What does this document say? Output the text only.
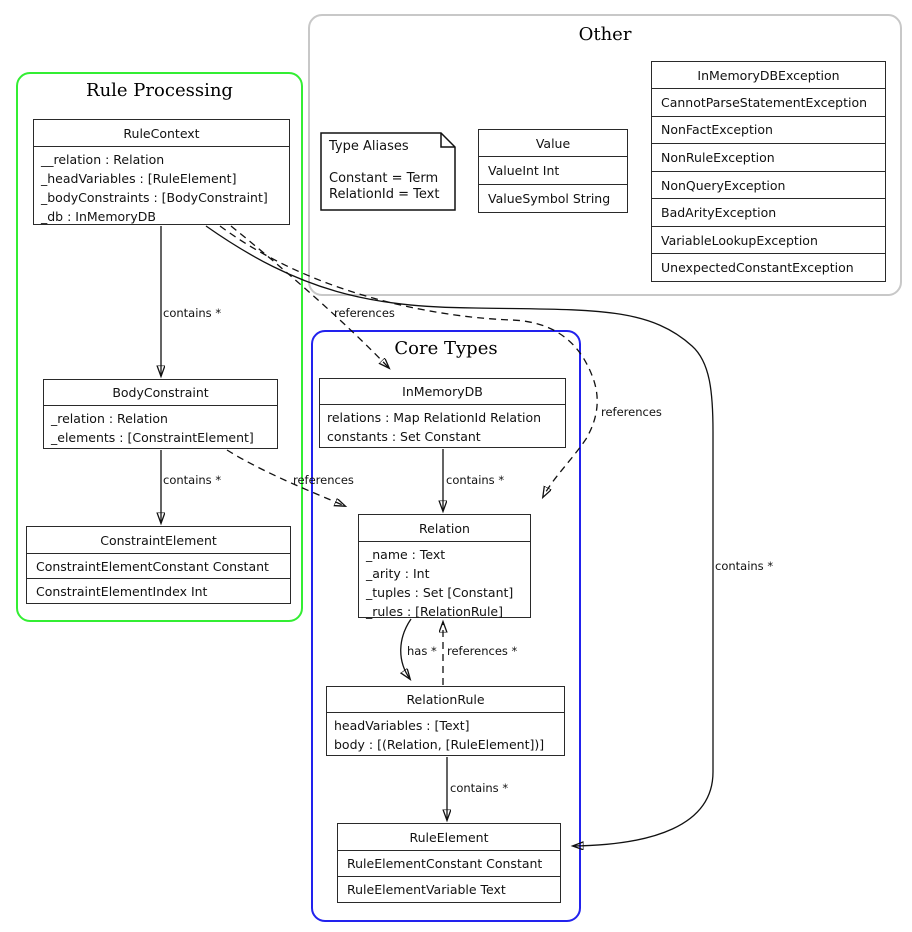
Rule Processing
Other
Core Types
RuleContext
__relation : Relation
_headVariables : [RuleElement]
_bodyConstraints : [BodyConstraint]
_db : InMemoryDB
BodyConstraint
_relation : Relation
_elements : [ConstraintElement]
ConstraintElement
ConstraintElementConstant Constant
ConstraintElementIndex Int
Type Aliases

Constant = Term
RelationId = Text
Value
ValueInt Int
ValueSymbol String
InMemoryDBException
CannotParseStatementException
NonFactException
NonRuleException
NonQueryException
BadArityException
VariableLookupException
UnexpectedConstantException
InMemoryDB
relations : Map RelationId Relation
constants : Set Constant
Relation
_name : Text
_arity : Int
_tuples : Set [Constant]
_rules : [RelationRule]
RelationRule
headVariables : [Text]
body : [(Relation, [RuleElement])]
RuleElement
RuleElementConstant Constant
RuleElementVariable Text
contains *
contains *
references
contains *
references
references
contains *
has * references *
contains *
